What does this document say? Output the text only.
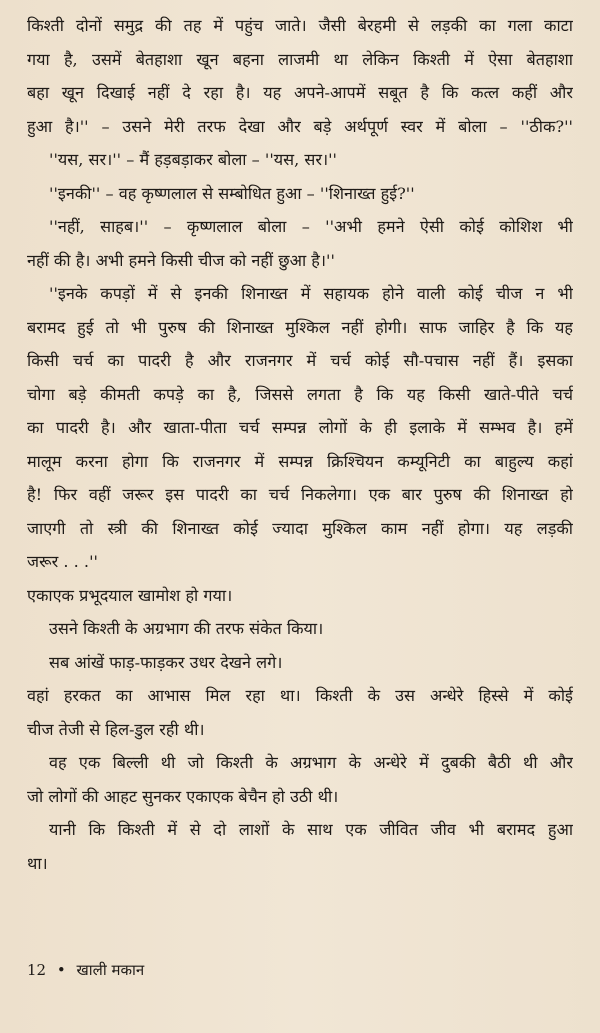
किश्ती दोनों समुद्र की तह में पहुंच जाते। जैसी बेरहमी से लड़की का गला काटा
गया है, उसमें बेतहाशा खून बहना लाजमी था लेकिन किश्ती में ऐसा बेतहाशा
बहा खून दिखाई नहीं दे रहा है। यह अपने-आपमें सबूत है कि कत्ल कहीं और
हुआ है।'' – उसने मेरी तरफ देखा और बड़े अर्थपूर्ण स्वर में बोला – ''ठीक?''
''यस, सर।'' – मैं हड़बड़ाकर बोला – ''यस, सर।''
''इनकी'' – वह कृष्णलाल से सम्बोधित हुआ – ''शिनाख्त हुई?''
''नहीं, साहब।'' – कृष्णलाल बोला – ''अभी हमने ऐसी कोई कोशिश भी
नहीं की है। अभी हमने किसी चीज को नहीं छुआ है।''
''इनके कपड़ों में से इनकी शिनाख्त में सहायक होने वाली कोई चीज न भी
बरामद हुई तो भी पुरुष की शिनाख्त मुश्किल नहीं होगी। साफ जाहिर है कि यह
किसी चर्च का पादरी है और राजनगर में चर्च कोई सौ-पचास नहीं हैं। इसका
चोगा बड़े कीमती कपड़े का है, जिससे लगता है कि यह किसी खाते-पीते चर्च
का पादरी है। और खाता-पीता चर्च सम्पन्न लोगों के ही इलाके में सम्भव है। हमें
मालूम करना होगा कि राजनगर में सम्पन्न क्रिश्चियन कम्यूनिटी का बाहुल्य कहां
है! फिर वहीं जरूर इस पादरी का चर्च निकलेगा। एक बार पुरुष की शिनाख्त हो
जाएगी तो स्त्री की शिनाख्त कोई ज्यादा मुश्किल काम नहीं होगा। यह लड़की
जरूर . . .''
एकाएक प्रभूदयाल खामोश हो गया।
उसने किश्ती के अग्रभाग की तरफ संकेत किया।
सब आंखें फाड़-फाड़कर उधर देखने लगे।
वहां हरकत का आभास मिल रहा था। किश्ती के उस अन्धेरे हिस्से में कोई
चीज तेजी से हिल-डुल रही थी।
वह एक बिल्ली थी जो किश्ती के अग्रभाग के अन्धेरे में दुबकी बैठी थी और
जो लोगों की आहट सुनकर एकाएक बेचैन हो उठी थी।
यानी कि किश्ती में से दो लाशों के साथ एक जीवित जीव भी बरामद हुआ
था।
12 • खाली मकान
